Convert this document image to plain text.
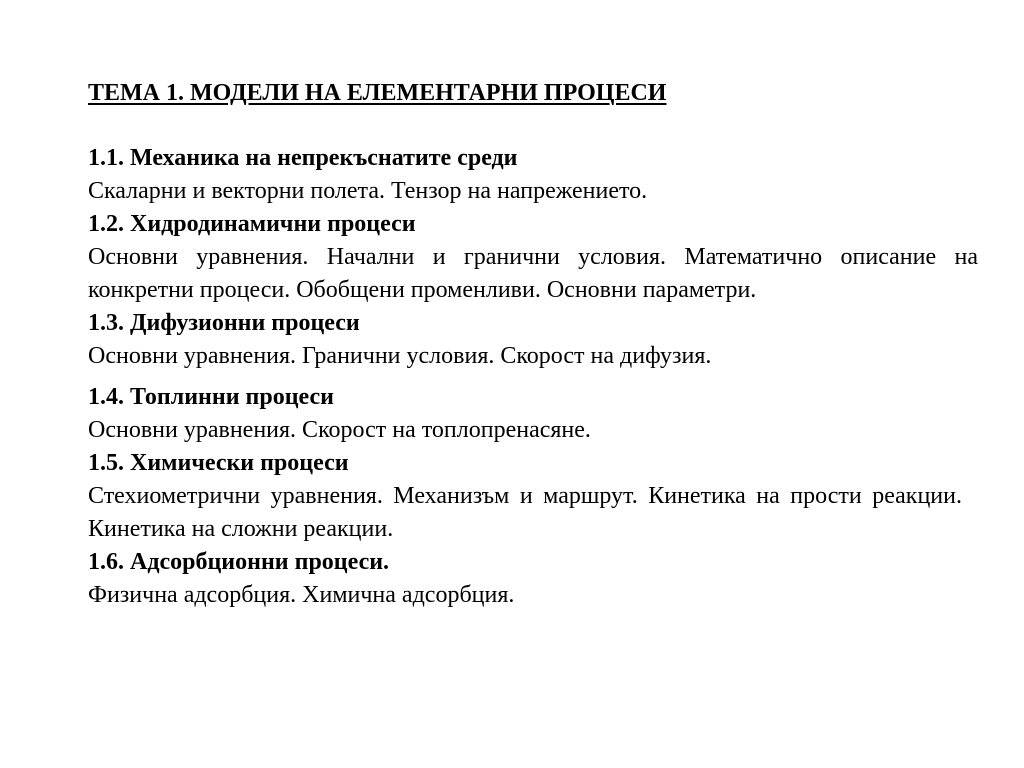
ТЕМА 1. МОДЕЛИ НА ЕЛЕМЕНТАРНИ ПРОЦЕСИ
1.1. Механика на непрекъснатите среди
Скаларни и векторни полета. Тензор на напрежението.
1.2. Хидродинамични процеси
Основни уравнения. Начални и гранични условия. Математично описание на конкретни процеси. Обобщени променливи. Основни параметри.
1.3. Дифузионни процеси
Основни уравнения. Гранични условия. Скорост на дифузия.
1.4. Топлинни процеси
Основни уравнения. Скорост на топлопренасяне.
1.5. Химически процеси
Стехиометрични уравнения. Механизъм и маршрут. Кинетика на прости реакции. Кинетика на сложни реакции.
1.6. Адсорбционни процеси.
Физична адсорбция. Химична адсорбция.
